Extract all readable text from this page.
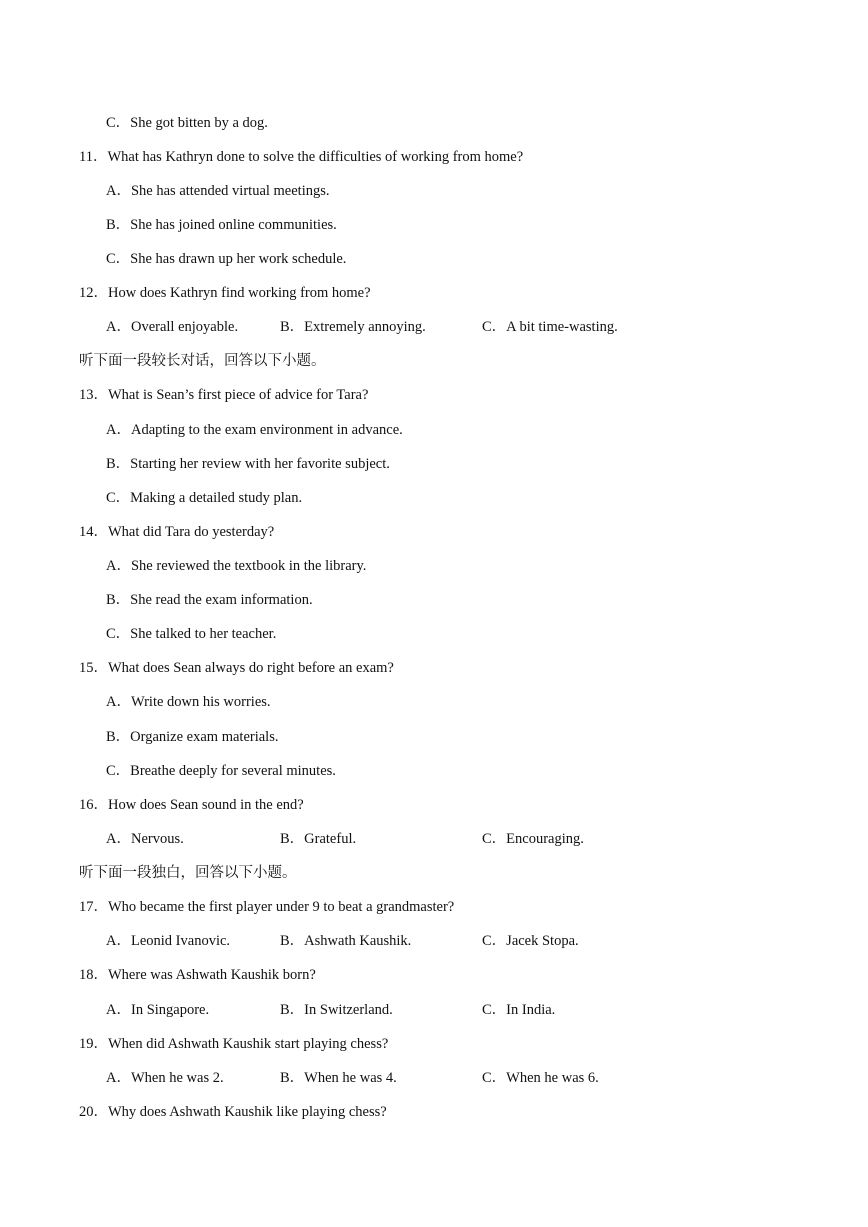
C．She got bitten by a dog.
11．What has Kathryn done to solve the difficulties of working from home?
A．She has attended virtual meetings.
B．She has joined online communities.
C．She has drawn up her work schedule.
12．How does Kathryn find working from home?
A．Overall enjoyable.	B．Extremely annoying.	C．A bit time-wasting.
听下面一段较长对话，回答以下小题。
13．What is Sean’s first piece of advice for Tara?
A．Adapting to the exam environment in advance.
B．Starting her review with her favorite subject.
C．Making a detailed study plan.
14．What did Tara do yesterday?
A．She reviewed the textbook in the library.
B．She read the exam information.
C．She talked to her teacher.
15．What does Sean always do right before an exam?
A．Write down his worries.
B．Organize exam materials.
C．Breathe deeply for several minutes.
16．How does Sean sound in the end?
A．Nervous.	B．Grateful.	C．Encouraging.
听下面一段独白，回答以下小题。
17．Who became the first player under 9 to beat a grandmaster?
A．Leonid Ivanovic.	B．Ashwath Kaushik.	C．Jacek Stopa.
18．Where was Ashwath Kaushik born?
A．In Singapore.	B．In Switzerland.	C．In India.
19．When did Ashwath Kaushik start playing chess?
A．When he was 2.	B．When he was 4.	C．When he was 6.
20．Why does Ashwath Kaushik like playing chess?
